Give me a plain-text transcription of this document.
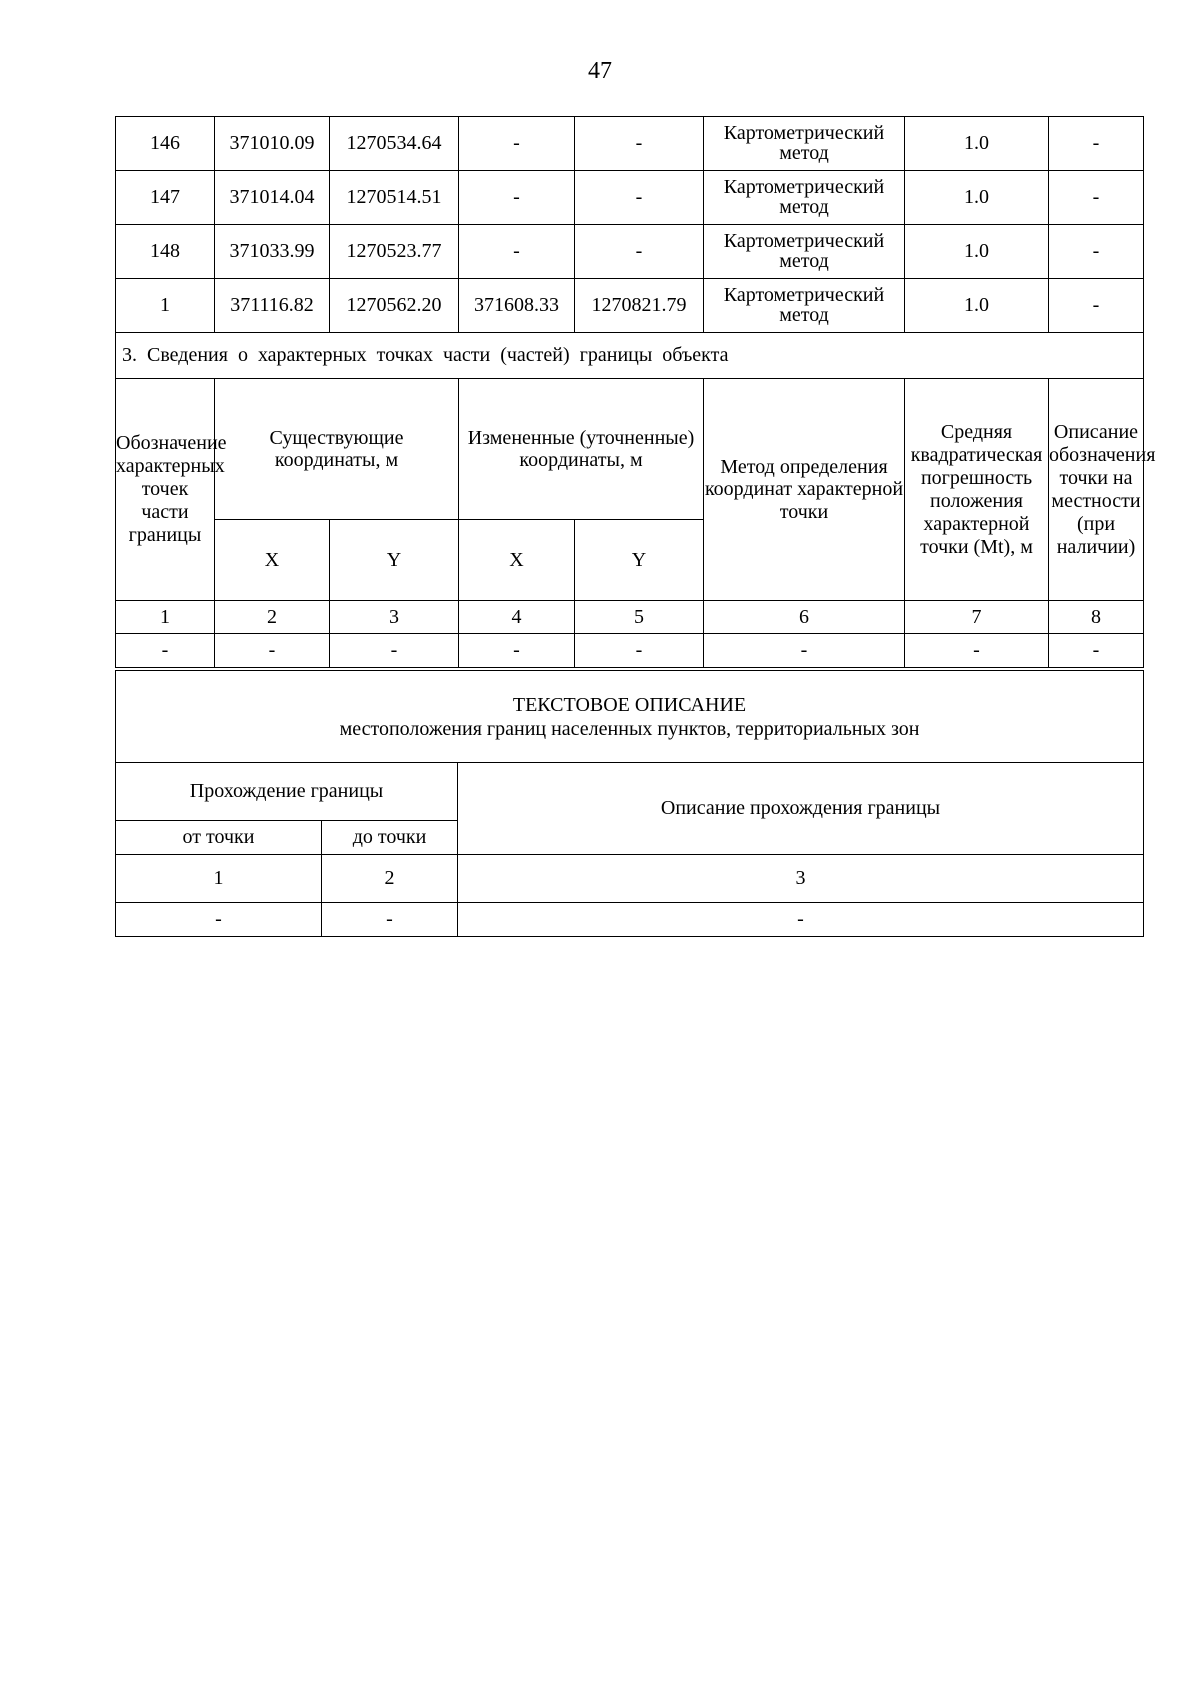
47
146	371010.09	1270534.64	-	-	Картометрический метод	1.0	-
147	371014.04	1270514.51	-	-	Картометрический метод	1.0	-
148	371033.99	1270523.77	-	-	Картометрический метод	1.0	-
1	371116.82	1270562.20	371608.33	1270821.79	Картометрический метод	1.0	-
3. Сведения о характерных точках части (частей) границы объекта							
Обозначение характерных точек части границы	Существующие координаты, м		Измененные (уточненные) координаты, м		Метод определения координат характерной точки	Средняя квадратическая погрешность положения характерной точки (Mt), м	Описание обозначения точки на местности (при наличии)
	X	Y	X	Y			
1	2	3	4	5	6	7	8
-	-	-	-	-	-	-	-
ТЕКСТОВОЕ ОПИСАНИЕ
местоположения границ населенных пунктов, территориальных зон		

Прохождение границы		Описание прохождения границы
от точки	до точки	
1	2	3
-	-	-
